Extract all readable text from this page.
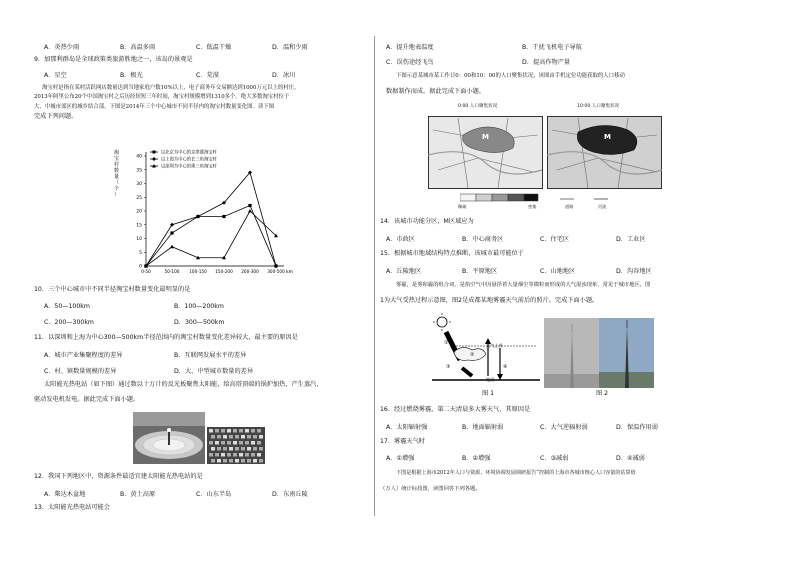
A．炎热少雨	B．高温多雨	C．低温干燥	D．温和少雨
9．加那利群岛是全球政策类旅游胜地之一，该岛的景观是
A．星空	B．极光	C．荒漠	D．冰川
淘宝村是指在某村活跃网店数量达到当地家庭户数10%以上、电子商务年交易额达到1000万元以上的村庄。
2013年阿里公布20个中国淘宝村之后历经短短三年时间，淘宝村规模增到1310多个。绝大多数淘宝村位于
大、中城市郊区的城乡结合部。下图是2014年三个中心城市不同半径内的淘宝村数量变化图。读下图
完成下列问题。
0
5
10
15
20
25
30
35
40
0-50	50-100 100-150 150-200 200-300 300-500 km
淘
宝
村
数
量
（
个
）
以北京为中心的京津冀淘宝村
以上海为中心的长三角淘宝村
以深圳为中心的珠三角淘宝村
10．三个中心城市中不同半径淘宝村数量变化最明显的是
A．50—100km	B．100—200km
C．200—300km	D．300—500km
11．以深圳和上海为中心300—500km半径范围内的淘宝村数量变化差异较大，最主要的原因是
A．城市产业集聚程度的差异	B．互联网发展水平的差异
C．村、镇数量规模的差异	D．大、中型城市数量的差异
太阳能光热电站（如下图）通过数以十万计的反光板聚焦太阳能，给高塔顶端的锅炉加热，产生蒸汽，
驱动发电机发电。据此完成下面小题。
12．我国下列地区中，资源条件最适宜建太阳能光热电站的是
A．柴达木盆地	B．黄土高原	C．山东半岛	D．东南丘陵
13．太阳能光热电站可能会
A．提升地表温度	B．干扰飞机电子导航
C．误伤途经飞鸟	D．提高作物产量
下图示意某城市某工作日0：00和10：00的人口聚集状况，该图由手机定位功能获取的人口移动
数据制作而成。据此完成下面小题。
0:00 人口聚集状况	10:00 人口聚集状况
M	M
稀疏	密集	道路	河流
14．该城市功能分区，M区域应为
A．市政区	B．中心商务区	C．住宅区	D．工业区
15．根据城市地域结构特点推断，该城市最可能位于
A．丘陵地区	B．平原地区	C．山地地区	D．沟谷地区
雾霾，是雾和霾的组合词，是指空气中因悬浮着大量烟尘等微粒而形成的大气混浊现象，常见于城市地区。图
1为大气受热过程示意图，图2是成都某地雾霾天气前后的照片。完成下面小题。
大气上界
地面
①
②
③	④
图 1	图 2
16．经过燃烧雾霾，第二天清晨多大雾天气，其原因是
A．太阳辐射强	B．地面辐射弱	C．大气逆辐射弱	D．保温作用弱
17．雾霾天气时
A．①增强	B．②增强	C．③减弱	D．④减弱
下图是根据上海市2012年人口与资源、环境协调发展调研报告“控制的上海市各城市核心人口容量的估算值
（万人）统计标技图，读图回答下列各题。
